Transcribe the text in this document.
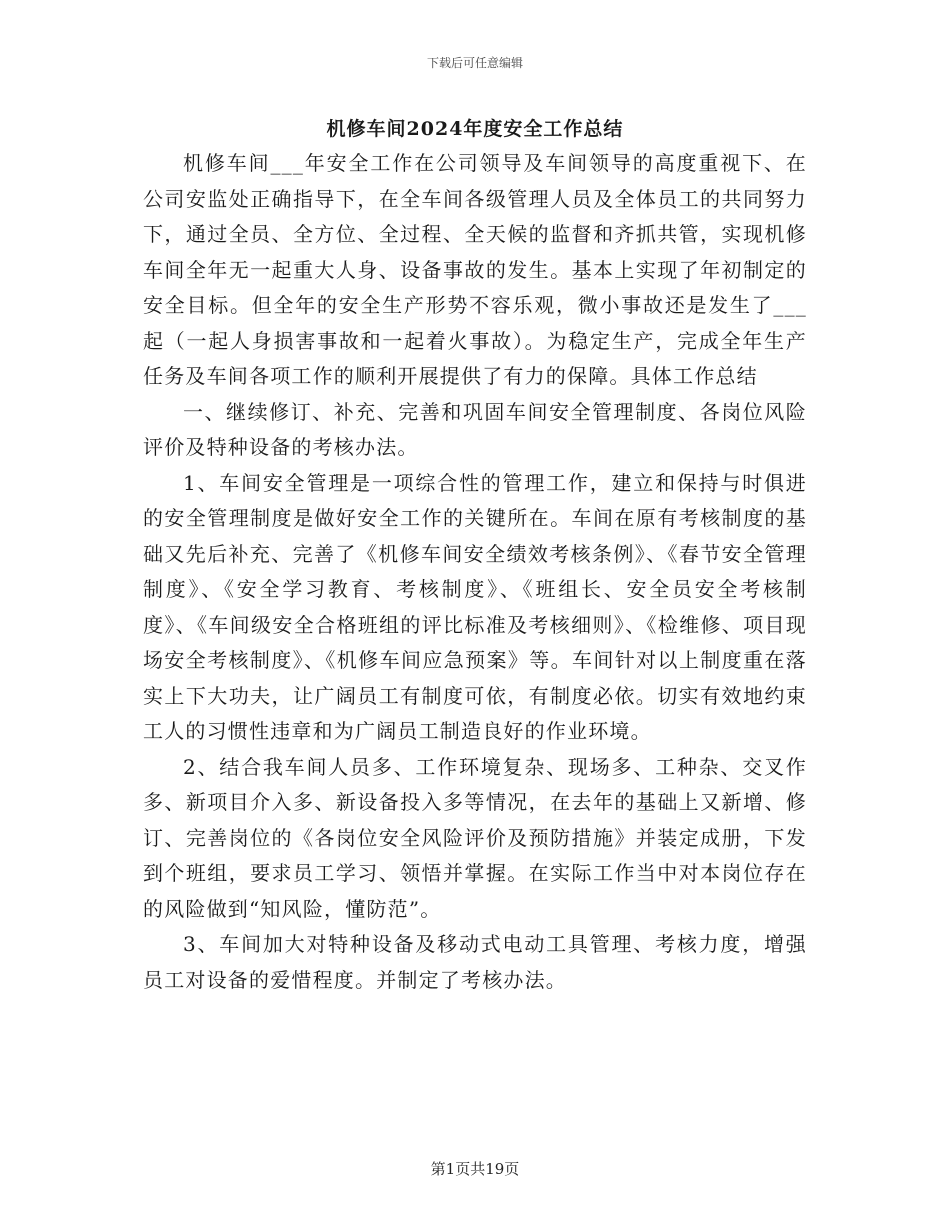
下载后可任意编辑
机修车间2024年度安全工作总结

机修车间___年安全工作在公司领导及车间领导的高度重视下、在公司安监处正确指导下，在全车间各级管理人员及全体员工的共同努力下，通过全员、全方位、全过程、全天候的监督和齐抓共管，实现机修车间全年无一起重大人身、设备事故的发生。基本上实现了年初制定的安全目标。但全年的安全生产形势不容乐观，微小事故还是发生了___起（一起人身损害事故和一起着火事故）。为稳定生产，完成全年生产任务及车间各项工作的顺利开展提供了有力的保障。具体工作总结

一、继续修订、补充、完善和巩固车间安全管理制度、各岗位风险评价及特种设备的考核办法。

1、车间安全管理是一项综合性的管理工作，建立和保持与时俱进的安全管理制度是做好安全工作的关键所在。车间在原有考核制度的基础又先后补充、完善了《机修车间安全绩效考核条例》、《春节安全管理制度》、《安全学习教育、考核制度》、《班组长、安全员安全考核制度》、《车间级安全合格班组的评比标准及考核细则》、《检维修、项目现场安全考核制度》、《机修车间应急预案》等。车间针对以上制度重在落实上下大功夫，让广阔员工有制度可依，有制度必依。切实有效地约束工人的习惯性违章和为广阔员工制造良好的作业环境。

2、结合我车间人员多、工作环境复杂、现场多、工种杂、交叉作多、新项目介入多、新设备投入多等情况，在去年的基础上又新增、修订、完善岗位的《各岗位安全风险评价及预防措施》并装定成册，下发到个班组，要求员工学习、领悟并掌握。在实际工作当中对本岗位存在的风险做到“知风险，懂防范”。

3、车间加大对特种设备及移动式电动工具管理、考核力度，增强员工对设备的爱惜程度。并制定了考核办法。

第1页共19页
